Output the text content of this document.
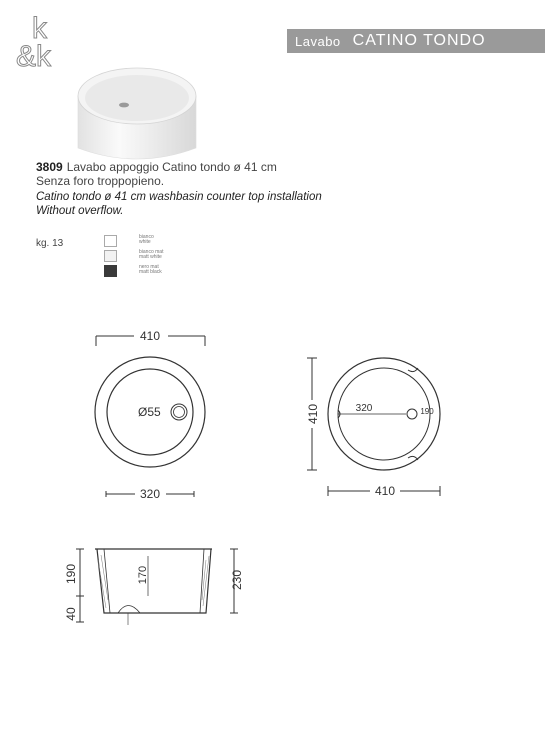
k
&k	Lavabo CATINO TONDO
3809 Lavabo appoggio Catino tondo ø 41 cm
Senza foro troppopieno.
Catino tondo ø 41 cm washbasin counter top installation
Without overflow.
kg. 13
bianco
white
bianco mat
matt white
nero mat
matt black
410
320
Ø55	410	320	190
410
190	170
40
230
